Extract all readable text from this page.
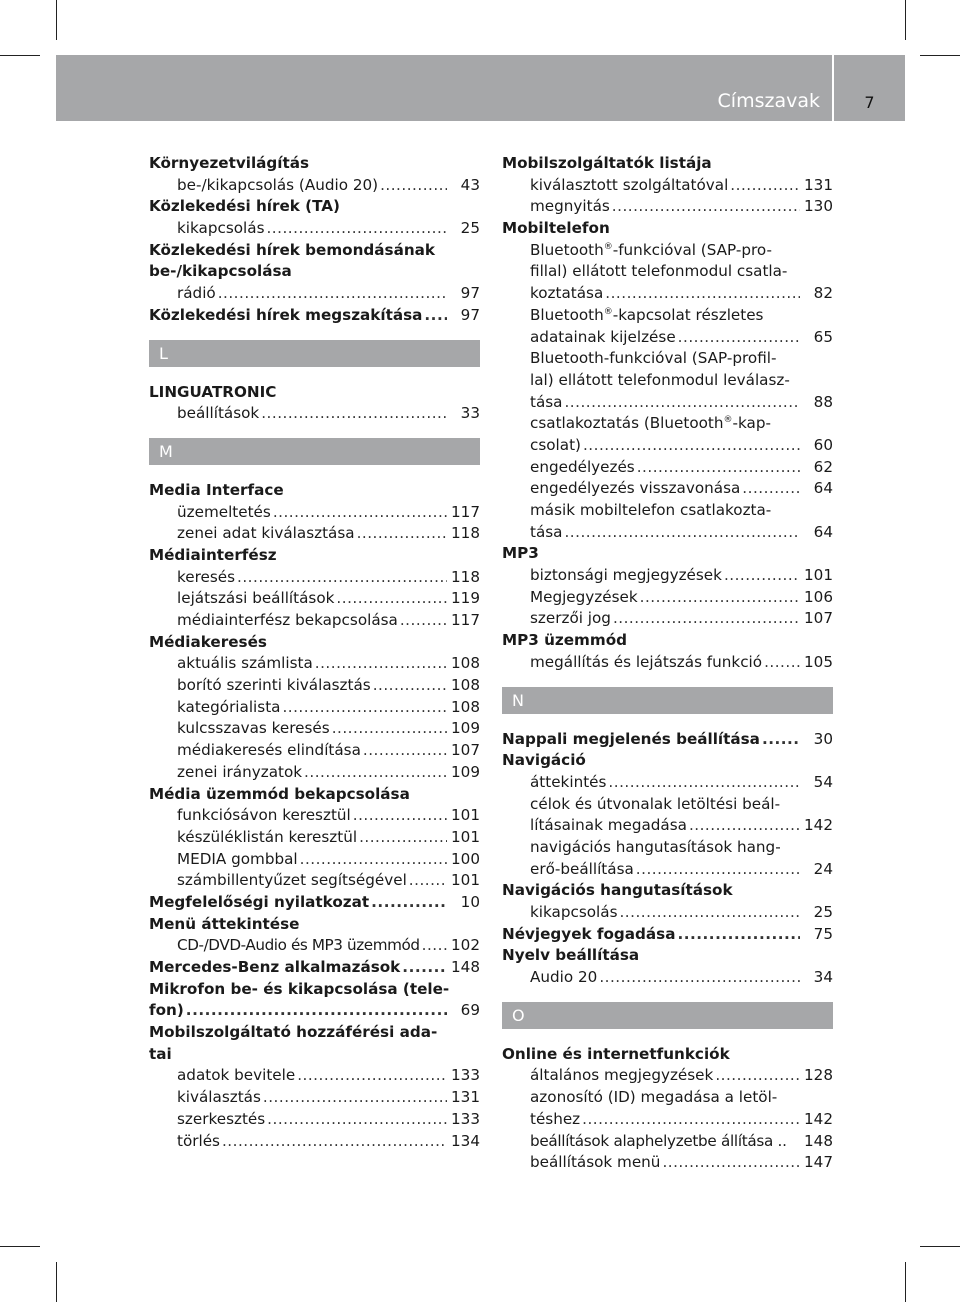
Címszavak	7
Környezetvilágítás
be-/kikapcsolás (Audio 20) .....	43
Közlekedési hírek (TA)
kikapcsolás .....	25
Közlekedési hírek bemondásának
be-/kikapcsolása
rádió .....	97
Közlekedési hírek megszakítása .....	97
L
LINGUATRONIC
beállítások .....	33
M
Media Interface
üzemeltetés .....	117
zenei adat kiválasztása .....	118
Médiainterfész
keresés .....	118
lejátszási beállítások .....	119
médiainterfész bekapcsolása .....	117
Médiakeresés
aktuális számlista .....	108
borító szerinti kiválasztás .....	108
kategórialista .....	108
kulcsszavas keresés .....	109
médiakeresés elindítása .....	107
zenei irányzatok .....	109
Média üzemmód bekapcsolása
funkciósávon keresztül .....	101
készüléklistán keresztül .....	101
MEDIA gombbal .....	100
számbillentyűzet segítségével .....	101
Megfelelőségi nyilatkozat .....	10
Menü áttekintése
CD-/DVD-Audio és MP3 üzemmód ..... 102
Mercedes-Benz alkalmazások .....	148
Mikrofon be- és kikapcsolása (tele-
fon) .....	69
Mobilszolgáltató hozzáférési ada-
tai
adatok bevitele .....	133
kiválasztás .....	131
szerkesztés .....	133
törlés .....	134
Mobilszolgáltatók listája
kiválasztott szolgáltatóval .....	131
megnyitás .....	130
Mobiltelefon
Bluetooth®-funkcióval (SAP-pro-
fillal) ellátott telefonmodul csatla-
koztatása .....	82
Bluetooth®-kapcsolat részletes
adatainak kijelzése .....	65
Bluetooth-funkcióval (SAP-profil-
lal) ellátott telefonmodul leválasz-
tása .....	88
csatlakoztatás (Bluetooth®-kap-
csolat) .....	60
engedélyezés .....	62
engedélyezés visszavonása .....	64
másik mobiltelefon csatlakozta-
tása .....	64
MP3
biztonsági megjegyzések .....	101
Megjegyzések .....	106
szerzői jog .....	107
MP3 üzemmód
megállítás és lejátszás funkció .....	105
N
Nappali megjelenés beállítása .....	30
Navigáció
áttekintés .....	54
célok és útvonalak letöltési beál-
lításainak megadása .....	142
navigációs hangutasítások hang-
erő-beállítása .....	24
Navigációs hangutasítások
kikapcsolás .....	25
Névjegyek fogadása .....	75
Nyelv beállítása
Audio 20 .....	34
O
Online és internetfunkciók
általános megjegyzések .....	128
azonosító (ID) megadása a letöl-
téshez .....	142
beállítások alaphelyzetbe állítása .. 148
beállítások menü .....	147
